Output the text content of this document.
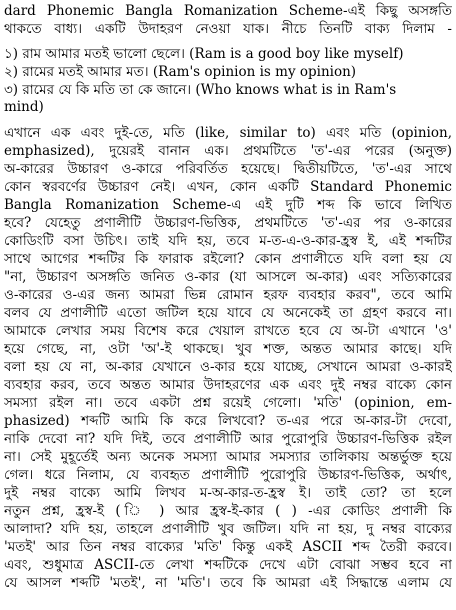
dard Phonemic Bangla Romanization Scheme-এই কিছু অসঙ্গতি
থাকতে বাধ্য। একটি উদাহরণ নেওয়া যাক। নীচে তিনটি বাক্য দিলাম -
১) রাম আমার মতই ভালো ছেলে। (Ram is a good boy like myself)
২) রামের মতই আমার মত। (Ram's opinion is my opinion)
৩) রামের যে কি মতি তা কে জানে। (Who knows what is in Ram's
mind)
এখানে এক এবং দুই-তে, মতি (like, similar to) এবং মতি (opinion,
emphasized), দুয়েরই বানান এক। প্রথমটিতে 'ত'-এর পরের (অনুক্ত)
অ-কারের উচ্চারণ ও-কারে পরিবর্তিত হয়েছে। দ্বিতীয়টিতে, 'ত'-এর সাথে
কোন স্বরবর্ণের উচ্চারণ নেই। এখন, কোন একটি Standard Phonemic
Bangla Romanization Scheme-এ এই দুটি শব্দ কি ভাবে লিখিত
হবে? যেহেতু প্রণালীটি উচ্চারণ-ভিত্তিক, প্রথমটিতে 'ত'-এর পর ও-কারের
কোডিংটি বসা উচিৎ। তাই যদি হয়, তবে ম-ত-এ-ও-কার-হ্রস্ব ই, এই শব্দটির
সাথে আগের শব্দটির কি ফারাক রইলো? কোন প্রণালীতে যদি বলা হয় যে
"না, উচ্চারণ অসঙ্গতি জনিত ও-কার (যা আসলে অ-কার) এবং সত্যিকারের
ও-কারের ও-এর জন্য আমরা ভিন্ন রোমান হরফ ব্যবহার করব", তবে আমি
বলব যে প্রণালীটি এতো জটিল হয়ে যাবে যে অনেকেই তা গ্রহণ করবে না।
আমাকে লেখার সময় বিশেষ করে খেয়াল রাখতে হবে যে অ-টা এখানে 'ও'
হয়ে গেছে, না, ওটা 'অ'-ই থাকছে। খুব শক্ত, অন্তত আমার কাছে। যদি
বলা হয় যে না, অ-কার যেখানে ও-কার হয়ে যাচ্ছে, সেখানে আমরা ও-কারই
ব্যবহার করব, তবে অন্তত আমার উদাহরণের এক এবং দুই নম্বর বাক্যে কোন
সমস্যা রইল না। তবে একটা প্রশ্ন রয়েই গেলো। 'মতি' (opinion, em-
phasized) শব্দটি আমি কি করে লিখবো? ত-এর পরে অ-কার-টা দেবো,
নাকি দেবো না? যদি দিই, তবে প্রণালীটি আর পুরোপুরি উচ্চারণ-ভিত্তিক রইল
না। সেই মুহূর্তেই অন্য অনেক সমস্যা আমার সমস্যার তালিকায় অন্তর্ভুক্ত হয়ে
গেল। ধরে নিলাম, যে ব্যবহৃত প্রণালীটি পুরোপুরি উচ্চারণ-ভিত্তিক, অর্থাৎ,
দুই নম্বর বাক্যে আমি লিখব ম-অ-কার-ত-হ্রস্ব ই। তাই তো? তা হলে
নতুন প্রশ্ন, হ্রস্ব-ই ( ি ) আর হ্রস্ব-ই-কার ( ) -এর কোডিং প্রণালী কি
আলাদা? যদি হয়, তাহলে প্রণালীটি খুব জটিল। যদি না হয়, দু নম্বর বাক্যের
'মতই' আর তিন নম্বর বাক্যের 'মতি' কিন্তু একই ASCII শব্দ তৈরী করবে।
এবং, শুধুমাত্র ASCII-তে লেখা শব্দটিকে দেখে এটা বোঝা সম্ভব হবে না
যে আসল শব্দটি 'মতই', না 'মতি'। তবে কি আমরা এই সিদ্ধান্তে এলাম যে
